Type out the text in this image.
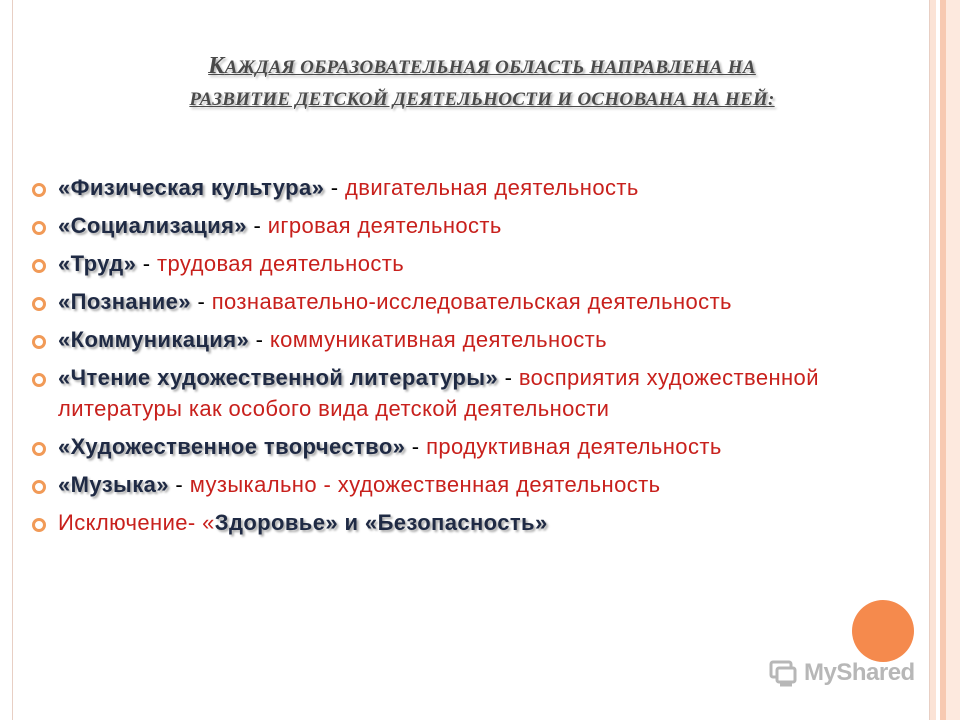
КАЖДАЯ ОБРАЗОВАТЕЛЬНАЯ ОБЛАСТЬ НАПРАВЛЕНА НА
РАЗВИТИЕ ДЕТСКОЙ ДЕЯТЕЛЬНОСТИ И ОСНОВАНА НА НЕЙ:
«Физическая культура» - двигательная деятельность
«Социализация» - игровая деятельность
«Труд» - трудовая деятельность
«Познание» - познавательно-исследовательская деятельность
«Коммуникация» - коммуникативная деятельность
«Чтение художественной литературы» - восприятия художественной литературы как особого вида детской деятельности
«Художественное творчество» - продуктивная деятельность
«Музыка» - музыкально - художественная деятельность
Исключение- «Здоровье» и «Безопасность»
MyShared
